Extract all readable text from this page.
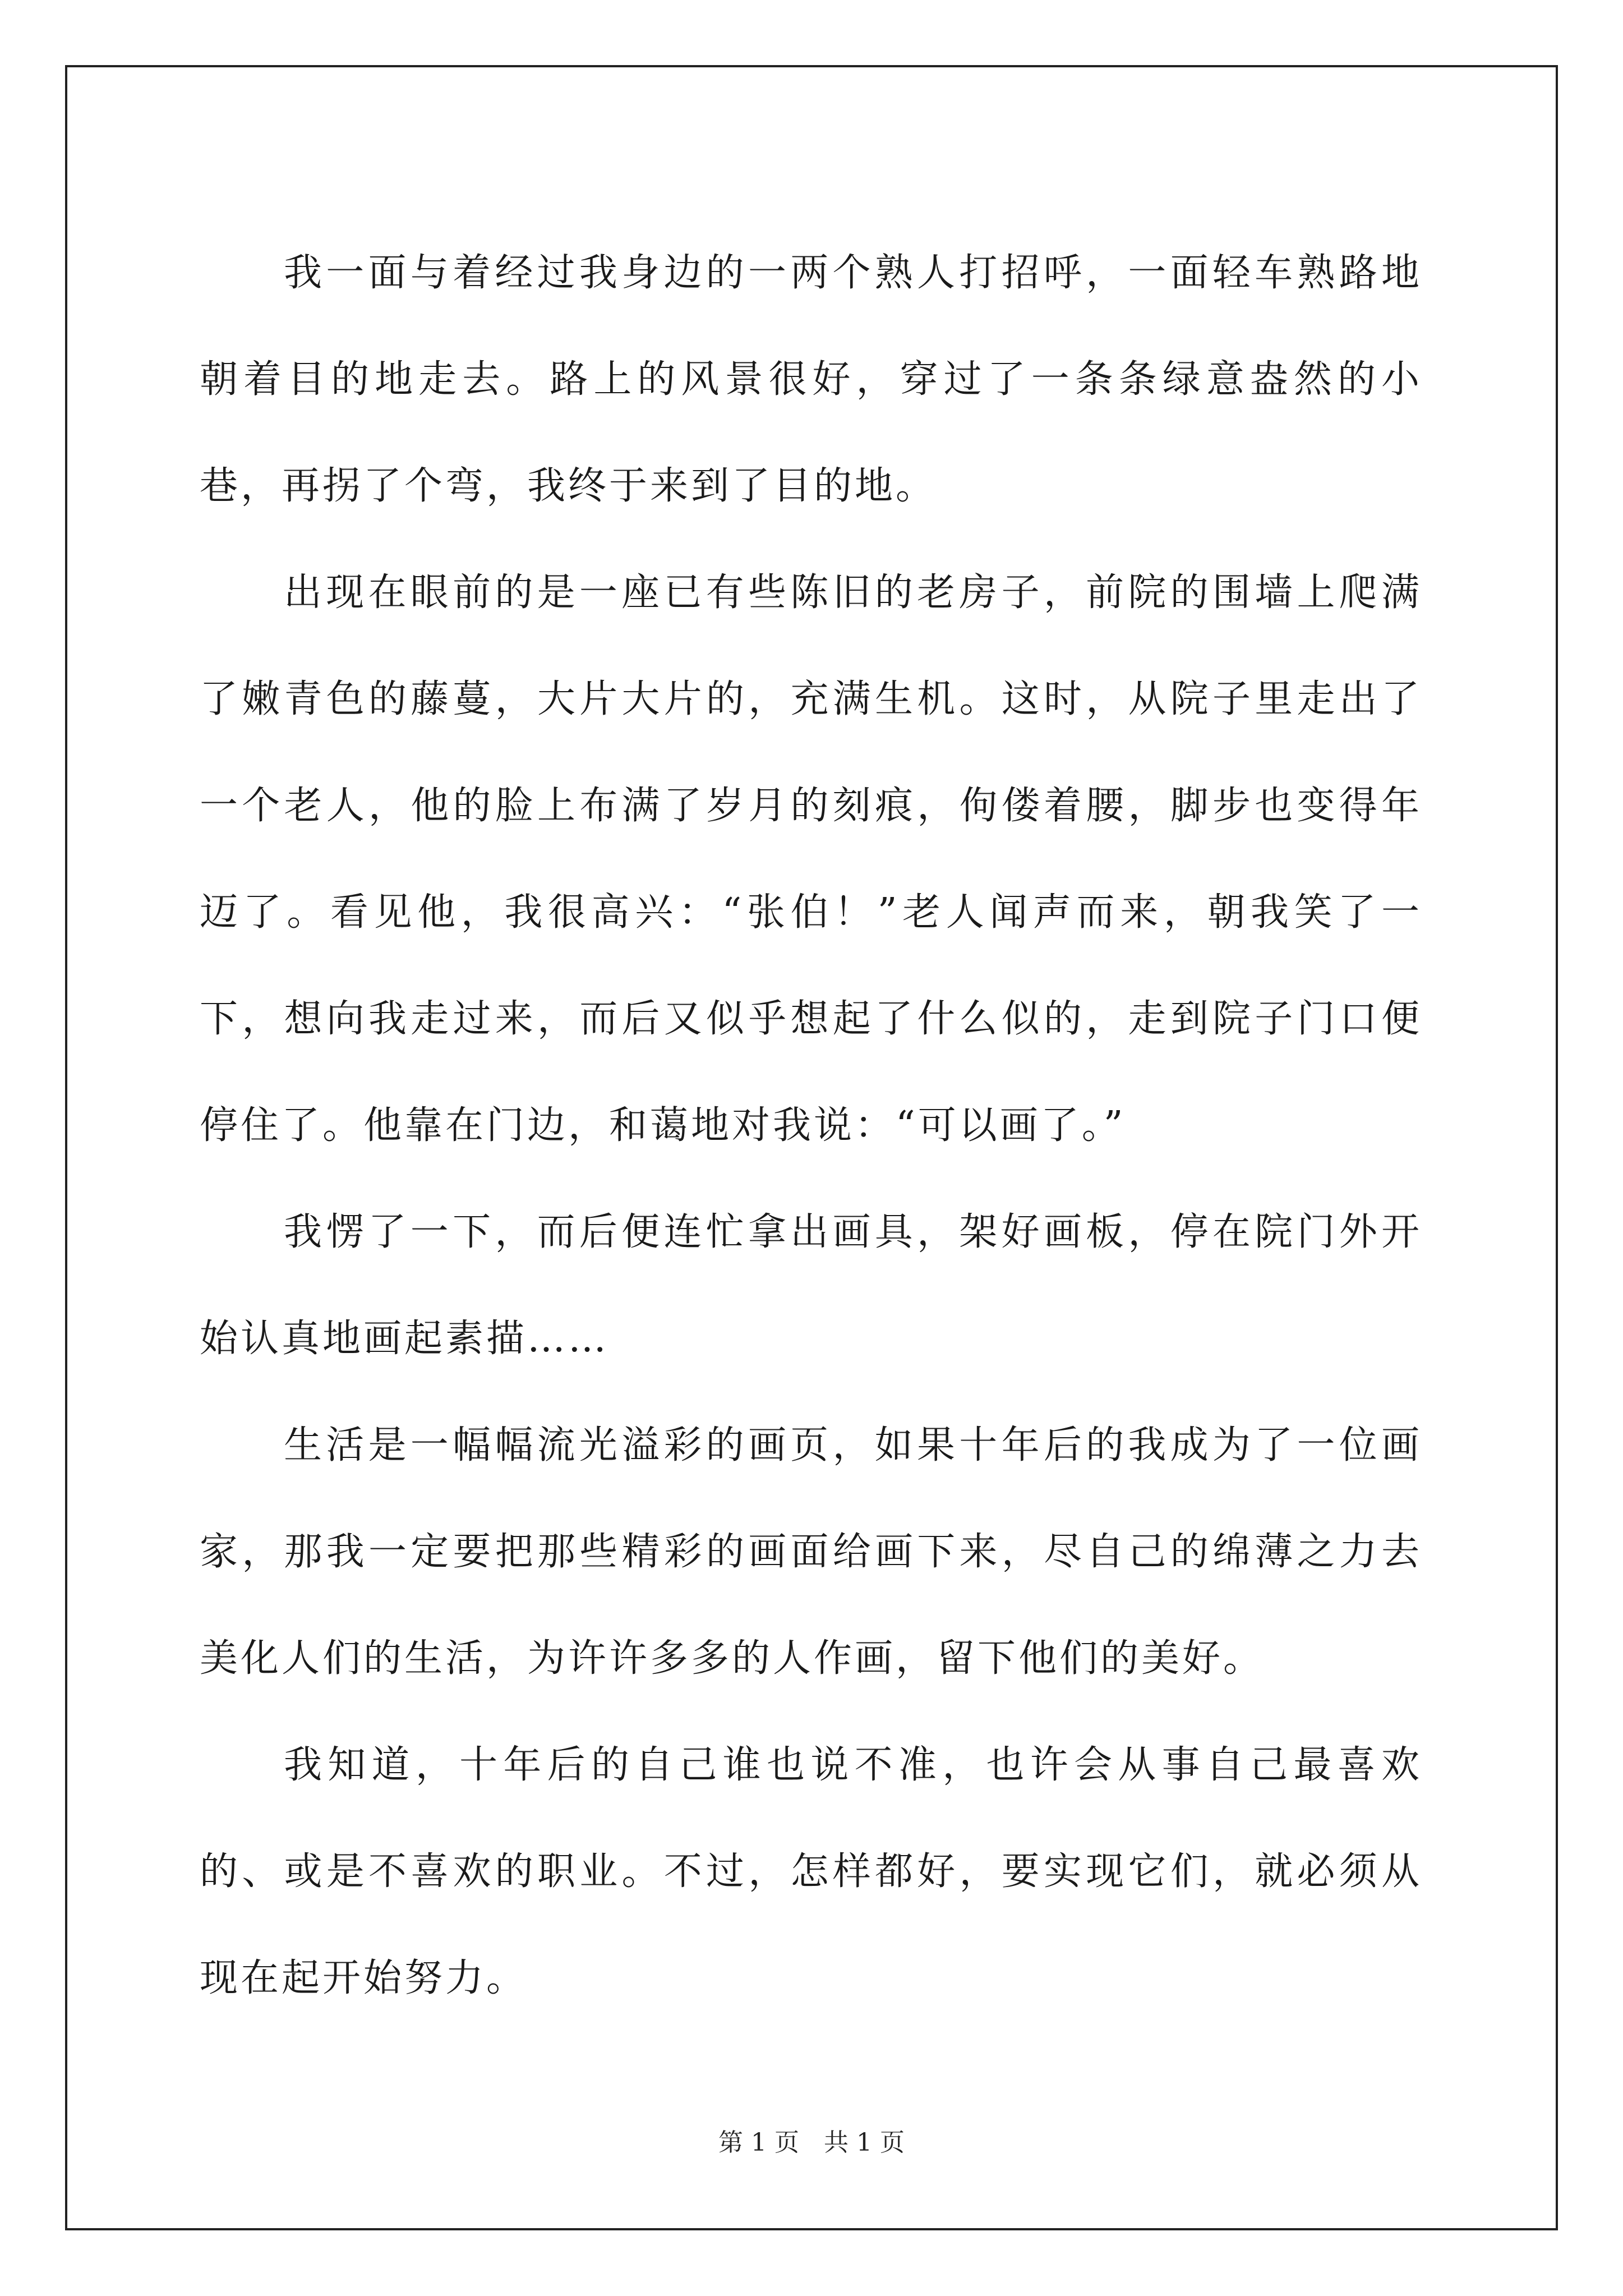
我一面与着经过我身边的一两个熟人打招呼，一面轻车熟路地朝着目的地走去。路上的风景很好，穿过了一条条绿意盎然的小巷，再拐了个弯，我终于来到了目的地。

出现在眼前的是一座已有些陈旧的老房子，前院的围墙上爬满了嫩青色的藤蔓，大片大片的，充满生机。这时，从院子里走出了一个老人，他的脸上布满了岁月的刻痕，佝偻着腰，脚步也变得年迈了。看见他，我很高兴：“张伯！”老人闻声而来，朝我笑了一下，想向我走过来，而后又似乎想起了什么似的，走到院子门口便停住了。他靠在门边，和蔼地对我说：“可以画了。”

我愣了一下，而后便连忙拿出画具，架好画板，停在院门外开始认真地画起素描……

生活是一幅幅流光溢彩的画页，如果十年后的我成为了一位画家，那我一定要把那些精彩的画面给画下来，尽自己的绵薄之力去美化人们的生活，为许许多多的人作画，留下他们的美好。

我知道，十年后的自己谁也说不准，也许会从事自己最喜欢的、或是不喜欢的职业。不过，怎样都好，要实现它们，就必须从现在起开始努力。

第 1 页　共 1 页
